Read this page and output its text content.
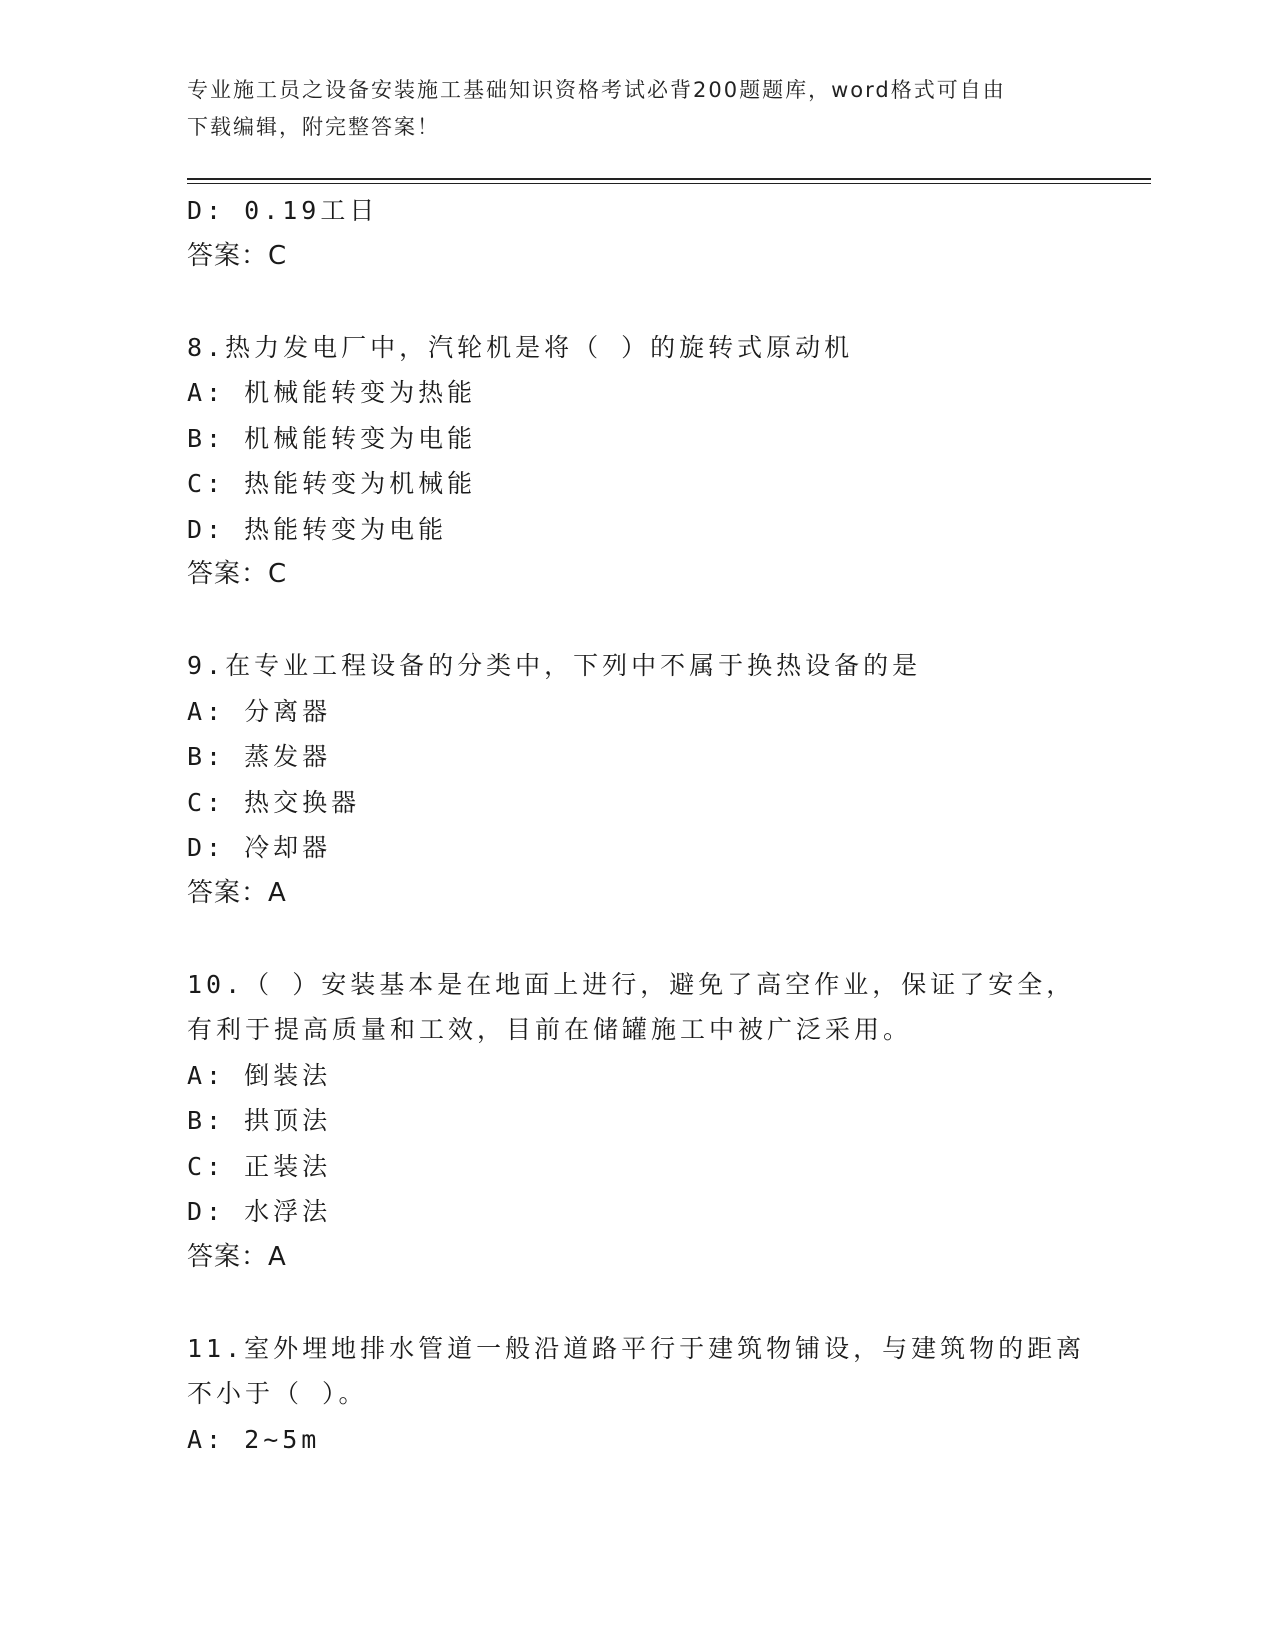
专业施工员之设备安装施工基础知识资格考试必背200题题库，word格式可自由
下载编辑，附完整答案！
D: 0.19工日
答案：C
8.热力发电厂中，汽轮机是将（ ）的旋转式原动机
A: 机械能转变为热能
B: 机械能转变为电能
C: 热能转变为机械能
D: 热能转变为电能
答案：C
9.在专业工程设备的分类中，下列中不属于换热设备的是
A: 分离器
B: 蒸发器
C: 热交换器
D: 冷却器
答案：A
10.（ ）安装基本是在地面上进行，避免了高空作业，保证了安全，
有利于提高质量和工效，目前在储罐施工中被广泛采用。
A: 倒装法
B: 拱顶法
C: 正装法
D: 水浮法
答案：A
11.室外埋地排水管道一般沿道路平行于建筑物铺设，与建筑物的距离
不小于（ ）。
A: 2~5m
